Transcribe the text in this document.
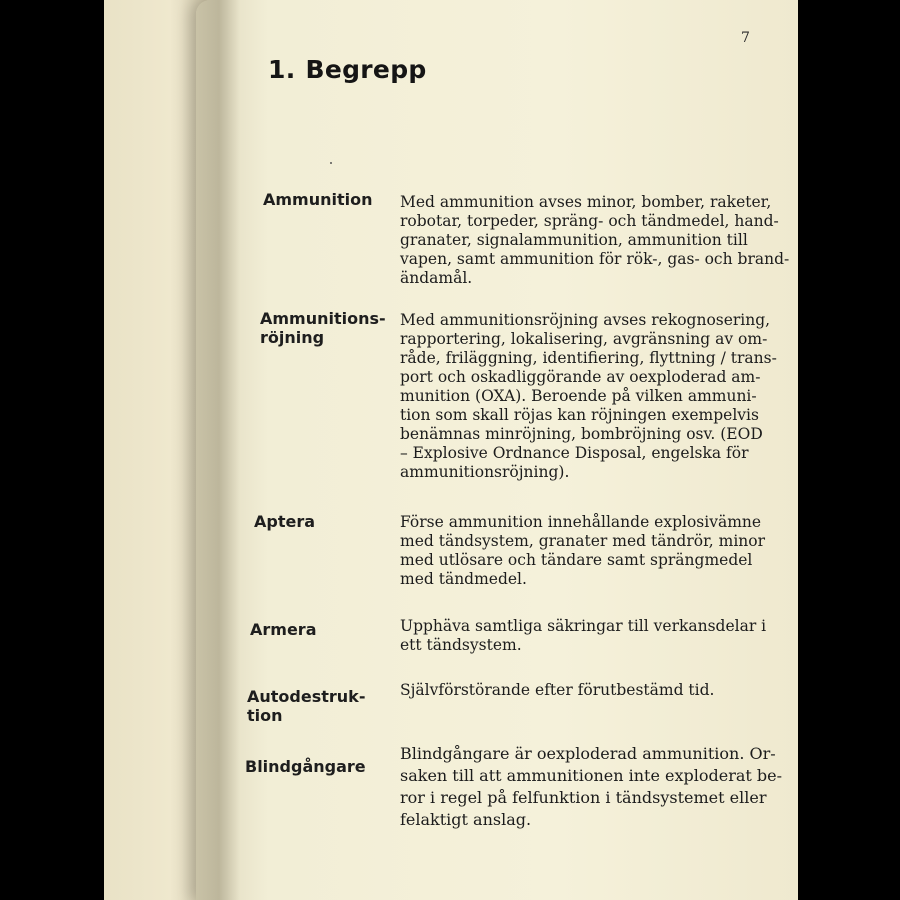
7
1. Begrepp

Ammunition Med ammunition avses minor, bomber, raketer,
robotar, torpeder, spräng- och tändmedel, hand-
granater, signalammunition, ammunition till
vapen, samt ammunition för rök-, gas- och brand-
ändamål.

Ammunitions-
röjning

Med ammunitionsröjning avses rekognosering,
rapportering, lokalisering, avgränsning av om-
råde, friläggning, identifiering, flyttning / trans-
port och oskadliggörande av oexploderad am-
munition (OXA). Beroende på vilken ammuni-
tion som skall röjas kan röjningen exempelvis
benämnas minröjning, bombröjning osv. (EOD
– Explosive Ordnance Disposal, engelska för
ammunitionsröjning).

Aptera	Förse ammunition innehållande explosivämne
med tändsystem, granater med tändrör, minor
med utlösare och tändare samt sprängmedel
med tändmedel.

Armera	Upphäva samtliga säkringar till verkansdelar i
ett tändsystem.

Autodestruk-
tion

Självförstörande efter förutbestämd tid.

Blindgångare

Blindgångare är oexploderad ammunition. Or-
saken till att ammunitionen inte exploderat be-
ror i regel på felfunktion i tändsystemet eller
felaktigt anslag.
